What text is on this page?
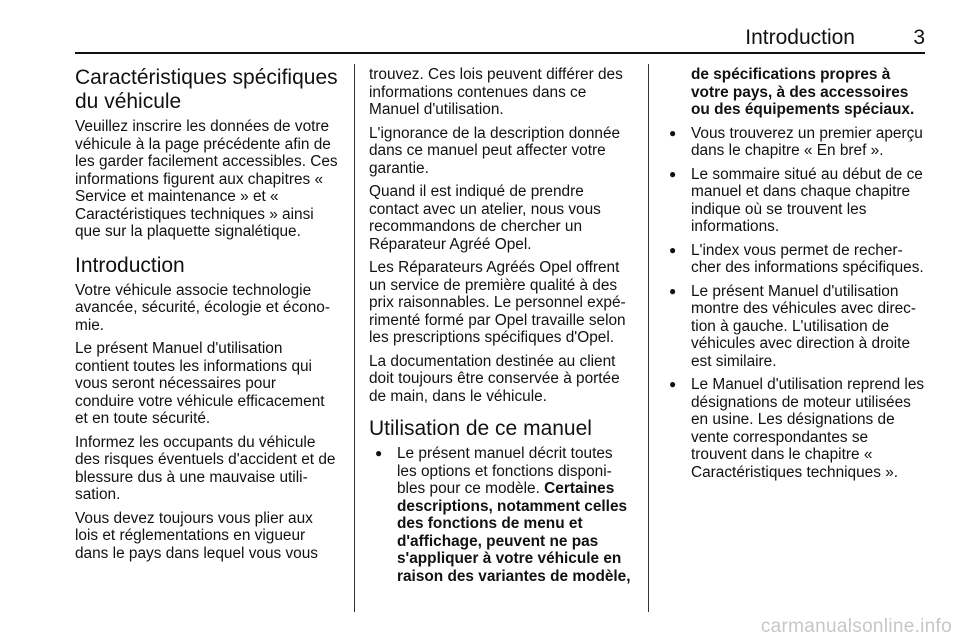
Introduction	3
Caractéristiques spécifiques du véhicule

Veuillez inscrire les données de votre véhicule à la page précédente afin de les garder facilement accessibles. Ces informations figurent aux chapitres « Service et maintenance » et « Caractéristiques techniques » ainsi que sur la plaquette signalétique.

Introduction

Votre véhicule associe technologie avancée, sécurité, écologie et économie.

Le présent Manuel d'utilisation contient toutes les informations qui vous seront nécessaires pour conduire votre véhicule efficacement et en toute sécurité.

Informez les occupants du véhicule des risques éventuels d'accident et de blessure dus à une mauvaise utilisation.

Vous devez toujours vous plier aux lois et réglementations en vigueur dans le pays dans lequel vous vous

trouvez. Ces lois peuvent différer des informations contenues dans ce Manuel d'utilisation.

L'ignorance de la description donnée dans ce manuel peut affecter votre garantie.

Quand il est indiqué de prendre contact avec un atelier, nous vous recommandons de chercher un Réparateur Agréé Opel.

Les Réparateurs Agréés Opel offrent un service de première qualité à des prix raisonnables. Le personnel expérimenté formé par Opel travaille selon les prescriptions spécifiques d'Opel.

La documentation destinée au client doit toujours être conservée à portée de main, dans le véhicule.

Utilisation de ce manuel
● Le présent manuel décrit toutes les options et fonctions disponibles pour ce modèle. Certaines descriptions, notamment celles des fonctions de menu et d'affichage, peuvent ne pas s'appliquer à votre véhicule en raison des variantes de modèle,

de spécifications propres à votre pays, à des accessoires ou des équipements spéciaux.

● Vous trouverez un premier aperçu dans le chapitre « En bref ».
● Le sommaire situé au début de ce manuel et dans chaque chapitre indique où se trouvent les informations.
● L'index vous permet de rechercher des informations spécifiques.
● Le présent Manuel d'utilisation montre des véhicules avec direction à gauche. L'utilisation de véhicules avec direction à droite est similaire.
● Le Manuel d'utilisation reprend les désignations de moteur utilisées en usine. Les désignations de vente correspondantes se trouvent dans le chapitre « Caractéristiques techniques ».
carmanualsonline.info
